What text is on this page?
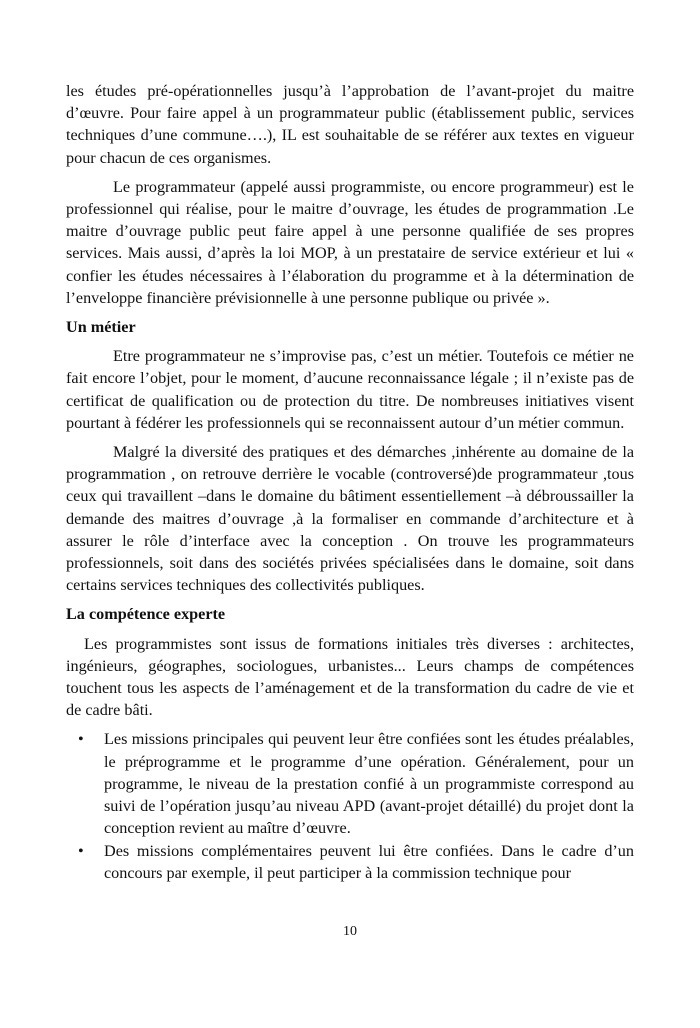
les études pré-opérationnelles jusqu’à l’approbation de l’avant-projet du maitre d’œuvre. Pour faire appel à un programmateur public (établissement public, services techniques d’une commune….), IL est souhaitable de se référer aux textes en vigueur pour chacun de ces organismes.

Le programmateur (appelé aussi programmiste, ou encore programmeur) est le professionnel qui réalise, pour le maitre d’ouvrage, les études de programmation .Le maitre d’ouvrage public peut faire appel à une personne qualifiée de ses propres services. Mais aussi, d’après la loi MOP, à un prestataire de service extérieur et lui « confier les études nécessaires à l’élaboration du programme et à la détermination de l’enveloppe financière prévisionnelle à une personne publique ou privée ».

Un métier

Etre programmateur ne s’improvise pas, c’est un métier. Toutefois ce métier ne fait encore l’objet, pour le moment, d’aucune reconnaissance légale ; il n’existe pas de certificat de qualification ou de protection du titre. De nombreuses initiatives visent pourtant à fédérer les professionnels qui se reconnaissent autour d’un métier commun.

Malgré la diversité des pratiques et des démarches ,inhérente au domaine de la programmation , on retrouve derrière le vocable (controversé)de programmateur ,tous ceux qui travaillent –dans le domaine du bâtiment essentiellement –à débroussailler la demande des maitres d’ouvrage ,à la formaliser en commande d’architecture et à assurer le rôle d’interface avec la conception . On trouve les programmateurs professionnels, soit dans des sociétés privées spécialisées dans le domaine, soit dans certains services techniques des collectivités publiques.

La compétence experte

Les programmistes sont issus de formations initiales très diverses : architectes, ingénieurs, géographes, sociologues, urbanistes... Leurs champs de compétences touchent tous les aspects de l’aménagement et de la transformation du cadre de vie et de cadre bâti.

• Les missions principales qui peuvent leur être confiées sont les études préalables, le préprogramme et le programme d’une opération. Généralement, pour un programme, le niveau de la prestation confié à un programmiste correspond au suivi de l’opération jusqu’au niveau APD (avant-projet détaillé) du projet dont la conception revient au maître d’œuvre.
• Des missions complémentaires peuvent lui être confiées. Dans le cadre d’un concours par exemple, il peut participer à la commission technique pour
10
